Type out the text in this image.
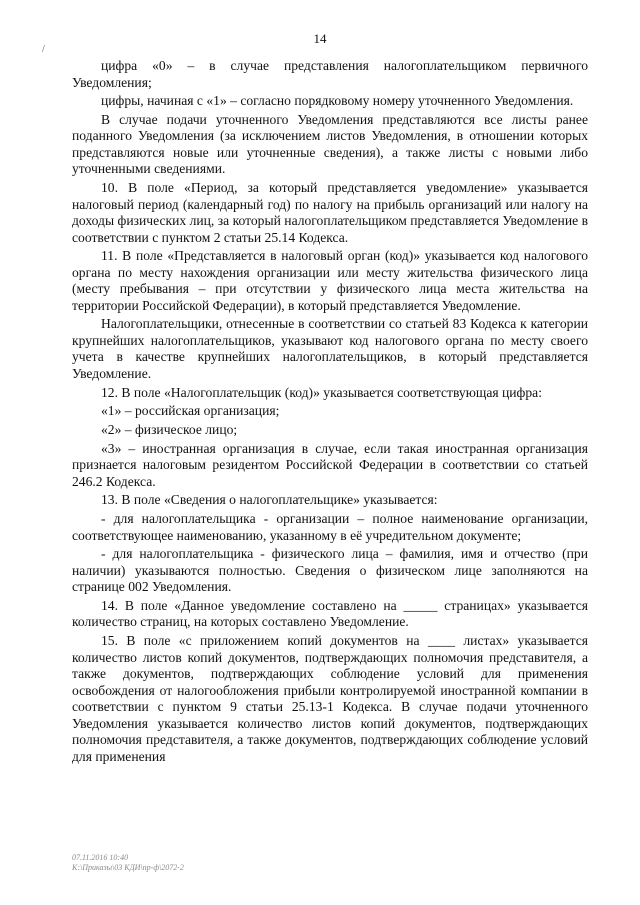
/
14

цифра «0» – в случае представления налогоплательщиком первичного Уведомления;

цифры, начиная с «1» – согласно порядковому номеру уточненного Уведомления.

В случае подачи уточненного Уведомления представляются все листы ранее поданного Уведомления (за исключением листов Уведомления, в отношении которых представляются новые или уточненные сведения), а также листы с новыми либо уточненными сведениями.

10. В поле «Период, за который представляется уведомление» указывается налоговый период (календарный год) по налогу на прибыль организаций или налогу на доходы физических лиц, за который налогоплательщиком представляется Уведомление в соответствии с пунктом 2 статьи 25.14 Кодекса.

11. В поле «Представляется в налоговый орган (код)» указывается код налогового органа по месту нахождения организации или месту жительства физического лица (месту пребывания – при отсутствии у физического лица места жительства на территории Российской Федерации), в который представляется Уведомление.

Налогоплательщики, отнесенные в соответствии со статьей 83 Кодекса к категории крупнейших налогоплательщиков, указывают код налогового органа по месту своего учета в качестве крупнейших налогоплательщиков, в который представляется Уведомление.

12. В поле «Налогоплательщик (код)» указывается соответствующая цифра:

«1» – российская организация;

«2» – физическое лицо;

«3» – иностранная организация в случае, если такая иностранная организация признается налоговым резидентом Российской Федерации в соответствии со статьей 246.2 Кодекса.

13. В поле «Сведения о налогоплательщике» указывается:

- для налогоплательщика - организации – полное наименование организации, соответствующее наименованию, указанному в её учредительном документе;

- для налогоплательщика - физического лица – фамилия, имя и отчество (при наличии) указываются полностью. Сведения о физическом лице заполняются на странице 002 Уведомления.

14. В поле «Данное уведомление составлено на _____ страницах» указывается количество страниц, на которых составлено Уведомление.

15. В поле «с приложением копий документов на ____ листах» указывается количество листов копий документов, подтверждающих полномочия представителя, а также документов, подтверждающих соблюдение условий для применения освобождения от налогообложения прибыли контролируемой иностранной компании в соответствии с пунктом 9 статьи 25.13-1 Кодекса. В случае подачи уточненного Уведомления указывается количество листов копий документов, подтверждающих полномочия представителя, а также документов, подтверждающих соблюдение условий для применения

07.11.2016 10:40
К:\Приказы\03 КДИ\пр-ф\2072-2
